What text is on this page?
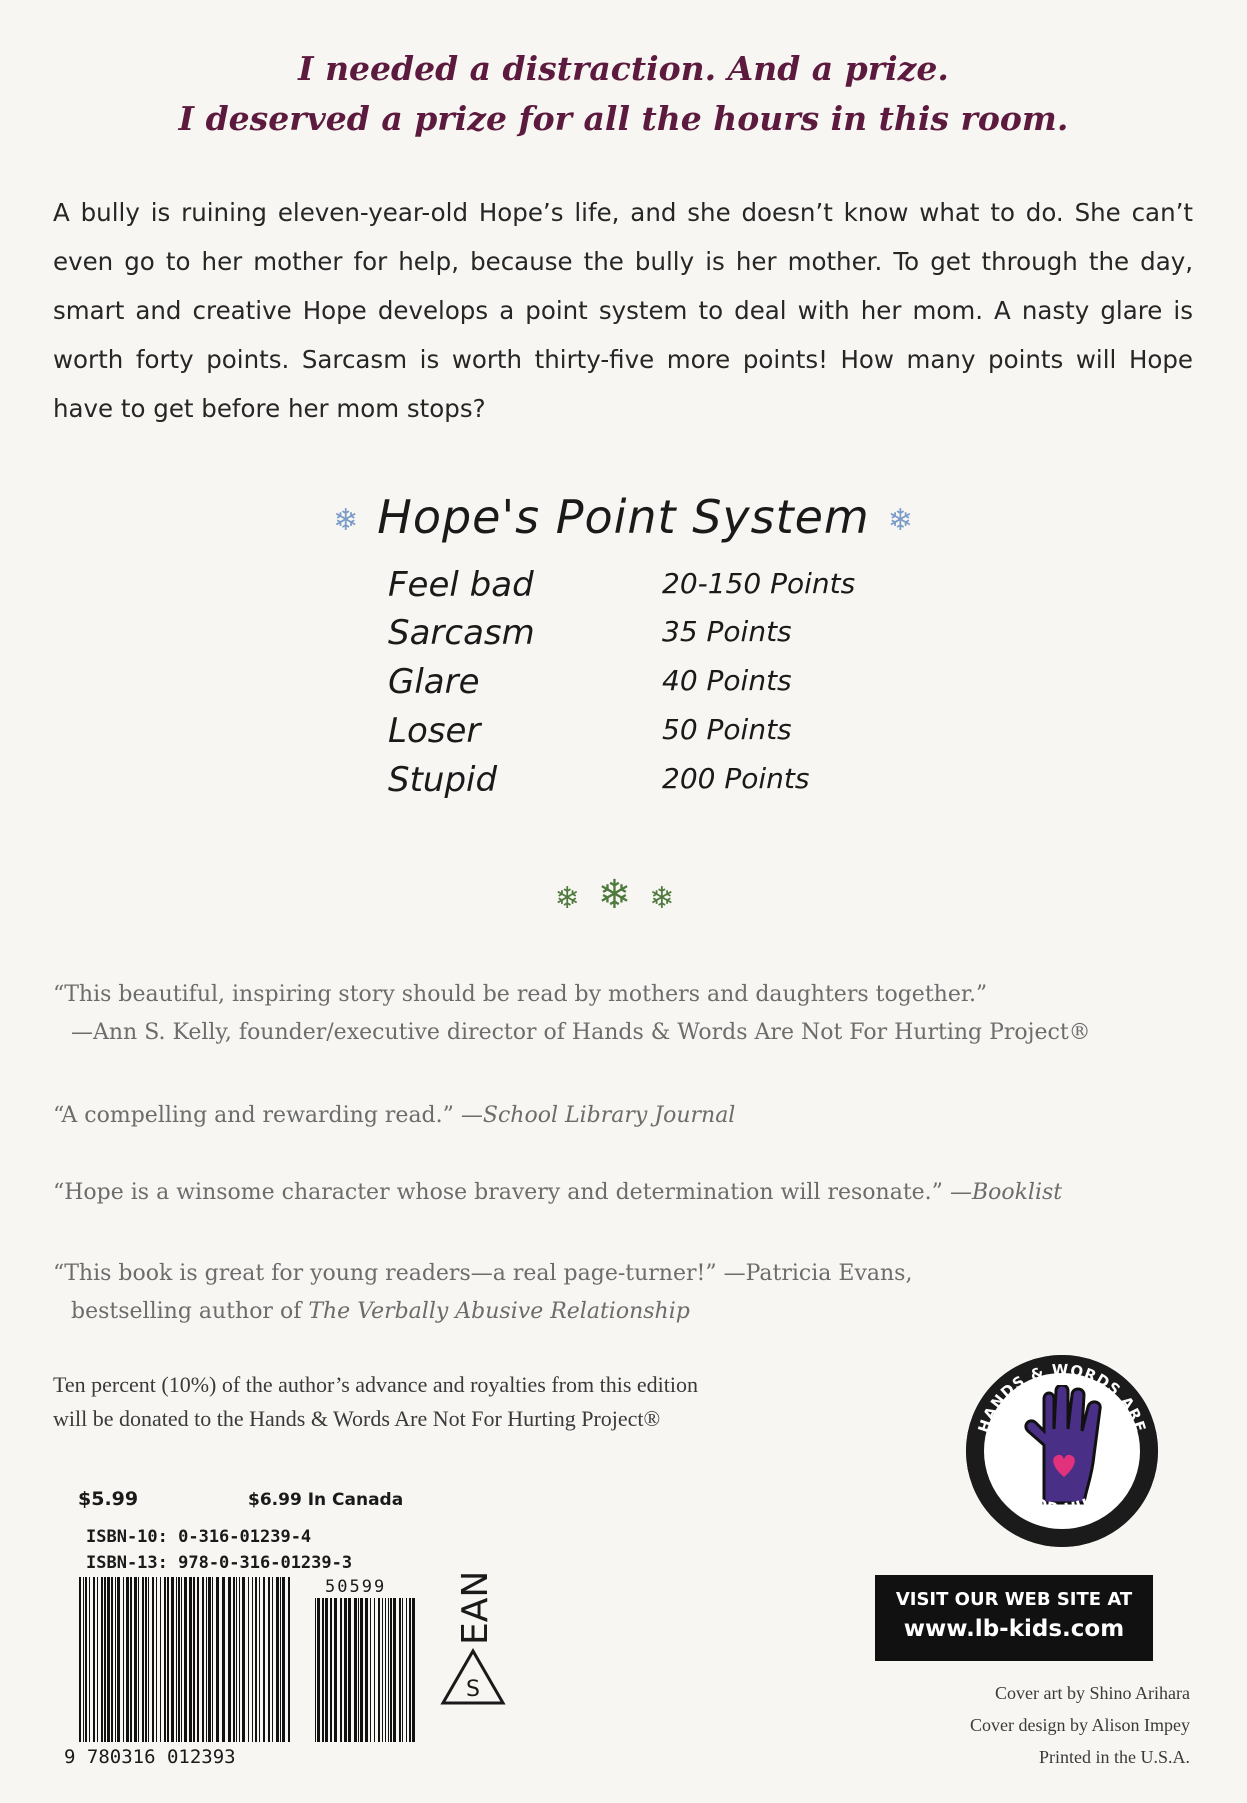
I needed a distraction. And a prize.
I deserved a prize for all the hours in this room.

A bully is ruining eleven-year-old Hope’s life, and she doesn’t know what to do. She can’t even go to her mother for help, because the bully is her mother. To get through the day, smart and creative Hope develops a point system to deal with her mom. A nasty glare is worth forty points. Sarcasm is worth thirty-five more points! How many points will Hope have to get before her mom stops?

❄ Hope's Point System ❄
Feel bad	20-150 Points
Sarcasm	35 Points
Glare	40 Points
Loser	50 Points
Stupid	200 Points
❄❄❄
“This beautiful, inspiring story should be read by mothers and daughters together.”
—Ann S. Kelly, founder/executive director of Hands & Words Are Not For Hurting Project®
“A compelling and rewarding read.” —School Library Journal
“Hope is a winsome character whose bravery and determination will resonate.” —Booklist
“This book is great for young readers—a real page-turner!” —Patricia Evans,
bestselling author of The Verbally Abusive Relationship
Ten percent (10%) of the author’s advance and royalties from this edition
will be donated to the Hands & Words Are Not For Hurting Project®	HANDS & WORDS ARE
NOT FOR HURTING
VISIT OUR WEB SITE AT
www.lb-kids.com
Cover art by Shino Arihara
Cover design by Alison Impey
Printed in the U.S.A.
$5.99	$6.99 In Canada
ISBN-10: 0-316-01239-4
ISBN-13: 978-0-316-01239-3
50599
9 780316 012393
EAN
S
